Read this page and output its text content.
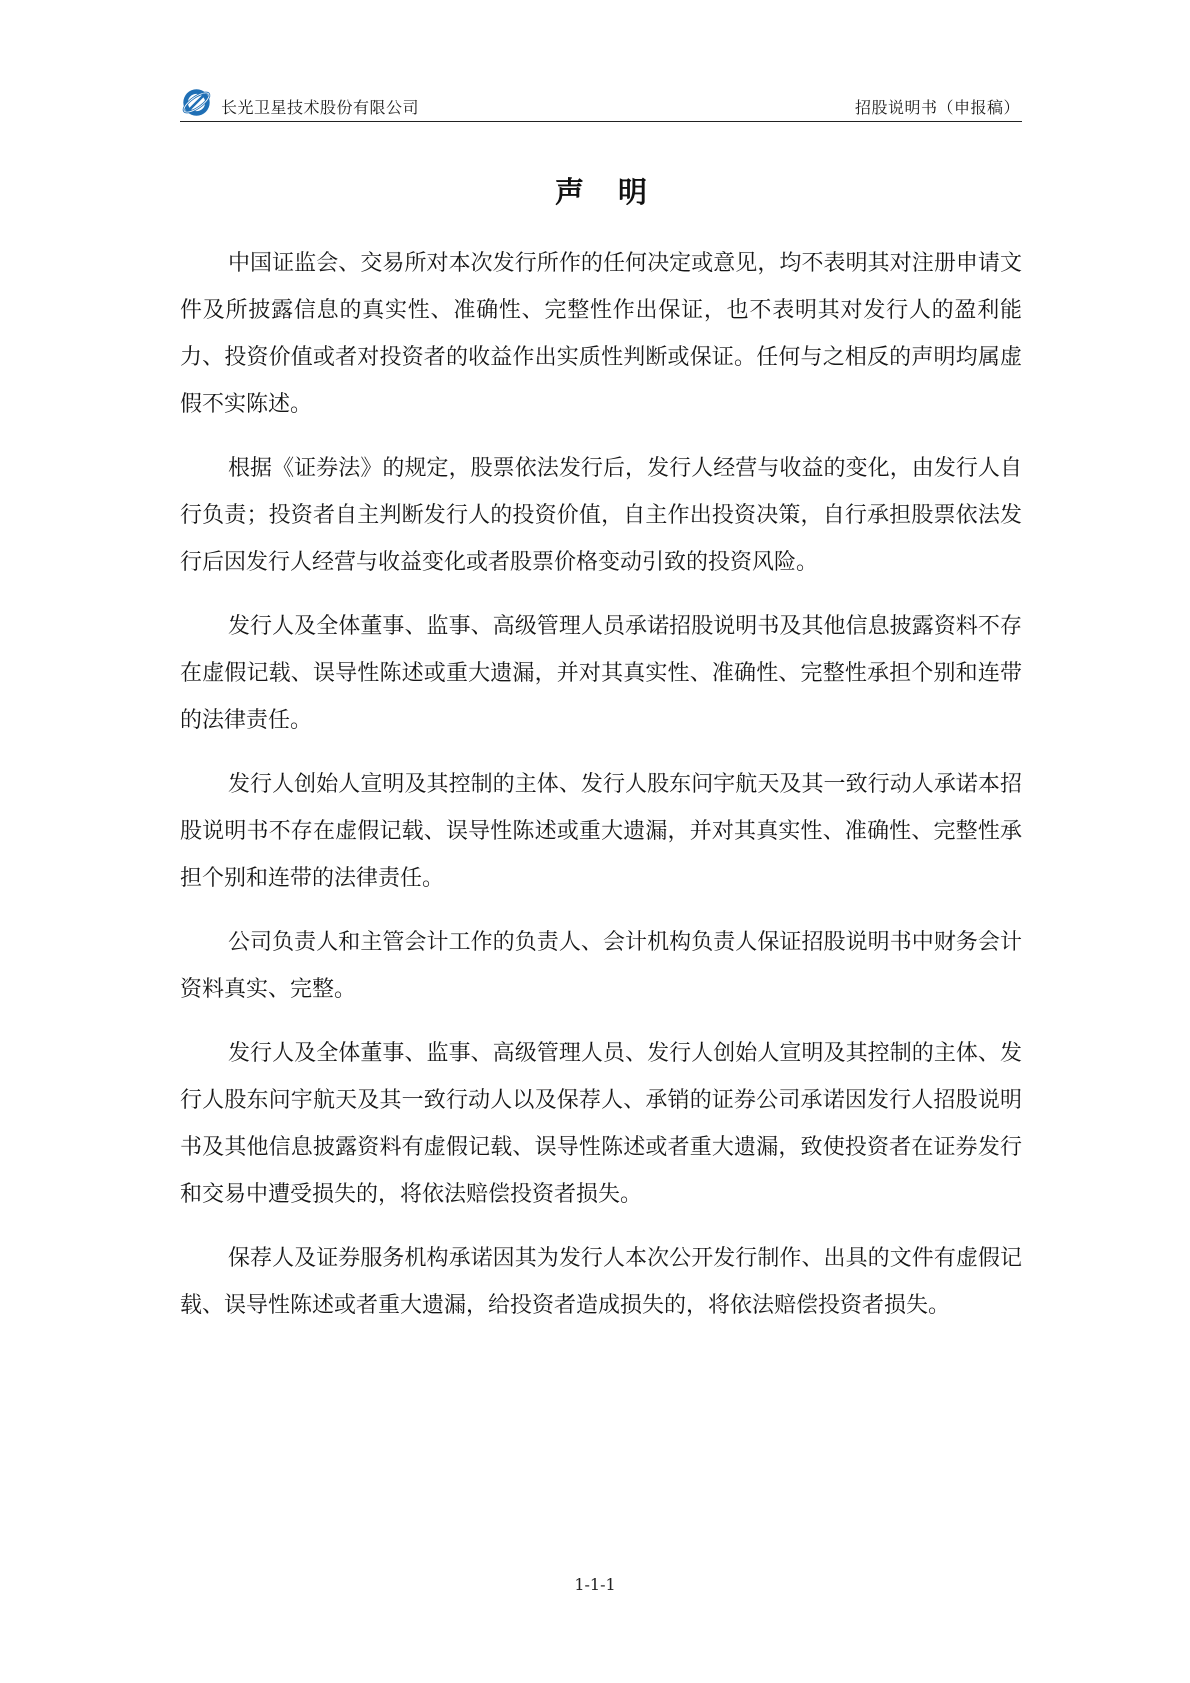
长光卫星技术股份有限公司	招股说明书（申报稿）
声明

中国证监会、交易所对本次发行所作的任何决定或意见，均不表明其对注册申请文件及所披露信息的真实性、准确性、完整性作出保证，也不表明其对发行人的盈利能力、投资价值或者对投资者的收益作出实质性判断或保证。任何与之相反的声明均属虚假不实陈述。

根据《证券法》的规定，股票依法发行后，发行人经营与收益的变化，由发行人自行负责；投资者自主判断发行人的投资价值，自主作出投资决策，自行承担股票依法发行后因发行人经营与收益变化或者股票价格变动引致的投资风险。

发行人及全体董事、监事、高级管理人员承诺招股说明书及其他信息披露资料不存在虚假记载、误导性陈述或重大遗漏，并对其真实性、准确性、完整性承担个别和连带的法律责任。

发行人创始人宣明及其控制的主体、发行人股东问宇航天及其一致行动人承诺本招股说明书不存在虚假记载、误导性陈述或重大遗漏，并对其真实性、准确性、完整性承担个别和连带的法律责任。

公司负责人和主管会计工作的负责人、会计机构负责人保证招股说明书中财务会计资料真实、完整。

发行人及全体董事、监事、高级管理人员、发行人创始人宣明及其控制的主体、发行人股东问宇航天及其一致行动人以及保荐人、承销的证券公司承诺因发行人招股说明书及其他信息披露资料有虚假记载、误导性陈述或者重大遗漏，致使投资者在证券发行和交易中遭受损失的，将依法赔偿投资者损失。

保荐人及证券服务机构承诺因其为发行人本次公开发行制作、出具的文件有虚假记载、误导性陈述或者重大遗漏，给投资者造成损失的，将依法赔偿投资者损失。

1-1-1
